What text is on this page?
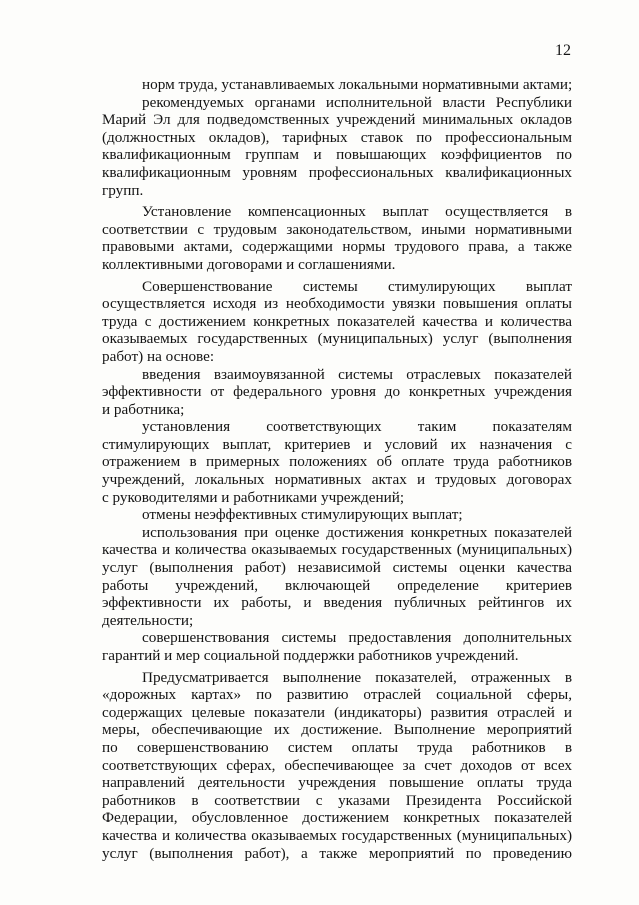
12
норм труда, устанавливаемых локальными нормативными актами;
рекомендуемых органами исполнительной власти Республики
Марий Эл для подведомственных учреждений минимальных окладов
(должностных окладов), тарифных ставок по профессиональным
квалификационным группам и повышающих коэффициентов по
квалификационным уровням профессиональных квалификационных
групп.
Установление компенсационных выплат осуществляется в
соответствии с трудовым законодательством, иными нормативными
правовыми актами, содержащими нормы трудового права, а также
коллективными договорами и соглашениями.
Совершенствование системы стимулирующих выплат
осуществляется исходя из необходимости увязки повышения оплаты
труда с достижением конкретных показателей качества и количества
оказываемых государственных (муниципальных) услуг (выполнения
работ) на основе:
введения взаимоувязанной системы отраслевых показателей
эффективности от федерального уровня до конкретных учреждения
и работника;
установления соответствующих таким показателям
стимулирующих выплат, критериев и условий их назначения с
отражением в примерных положениях об оплате труда работников
учреждений, локальных нормативных актах и трудовых договорах
с руководителями и работниками учреждений;
отмены неэффективных стимулирующих выплат;
использования при оценке достижения конкретных показателей
качества и количества оказываемых государственных (муниципальных)
услуг (выполнения работ) независимой системы оценки качества
работы учреждений, включающей определение критериев
эффективности их работы, и введения публичных рейтингов их
деятельности;
совершенствования системы предоставления дополнительных
гарантий и мер социальной поддержки работников учреждений.
Предусматривается выполнение показателей, отраженных в
«дорожных картах» по развитию отраслей социальной сферы,
содержащих целевые показатели (индикаторы) развития отраслей и
меры, обеспечивающие их достижение. Выполнение мероприятий
по совершенствованию систем оплаты труда работников в
соответствующих сферах, обеспечивающее за счет доходов от всех
направлений деятельности учреждения повышение оплаты труда
работников в соответствии с указами Президента Российской
Федерации, обусловленное достижением конкретных показателей
качества и количества оказываемых государственных (муниципальных)
услуг (выполнения работ), а также мероприятий по проведению
